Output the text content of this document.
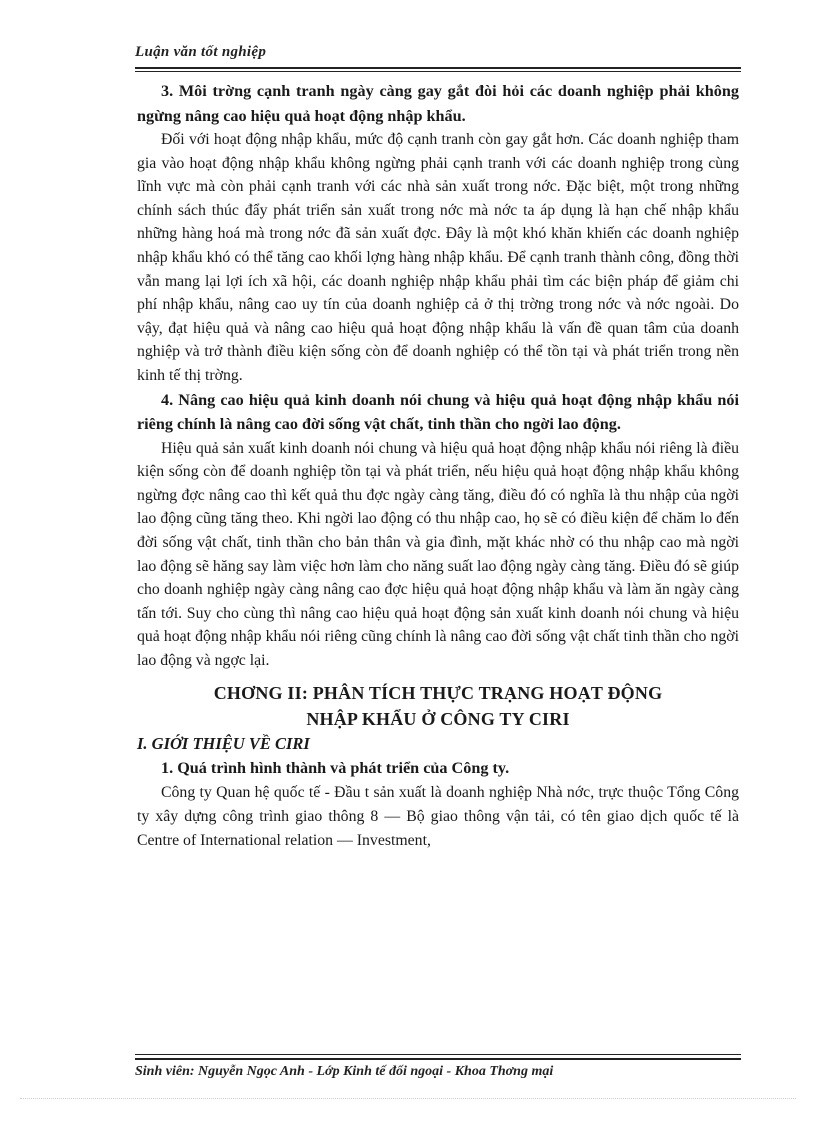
Luận văn tốt nghiệp

3. Môi trờng cạnh tranh ngày càng gay gắt đòi hỏi các doanh nghiệp phải không ngừng nâng cao hiệu quả hoạt động nhập khẩu.

Đối với hoạt động nhập khẩu, mức độ cạnh tranh còn gay gắt hơn. Các doanh nghiệp tham gia vào hoạt động nhập khẩu không ngừng phải cạnh tranh với các doanh nghiệp trong cùng lĩnh vực mà còn phải cạnh tranh với các nhà sản xuất trong nớc. Đặc biệt, một trong những chính sách thúc đẩy phát triển sản xuất trong nớc mà nớc ta áp dụng là hạn chế nhập khẩu những hàng hoá mà trong nớc đã sản xuất đợc. Đây là một khó khăn khiến các doanh nghiệp nhập khẩu khó có thể tăng cao khối lợng hàng nhập khẩu. Để cạnh tranh thành công, đồng thời vẫn mang lại lợi ích xã hội, các doanh nghiệp nhập khẩu phải tìm các biện pháp để giảm chi phí nhập khẩu, nâng cao uy tín của doanh nghiệp cả ở thị trờng trong nớc và nớc ngoài. Do vậy, đạt hiệu quả và nâng cao hiệu quả hoạt động nhập khẩu là vấn đề quan tâm của doanh nghiệp và trở thành điều kiện sống còn để doanh nghiệp có thể tồn tại và phát triển trong nền kinh tế thị trờng.

4. Nâng cao hiệu quả kinh doanh nói chung và hiệu quả hoạt động nhập khẩu nói riêng chính là nâng cao đời sống vật chất, tinh thần cho ngời lao động.

Hiệu quả sản xuất kinh doanh nói chung và hiệu quả hoạt động nhập khẩu nói riêng là điều kiện sống còn để doanh nghiệp tồn tại và phát triển, nếu hiệu quả hoạt động nhập khẩu không ngừng đợc nâng cao thì kết quả thu đợc ngày càng tăng, điều đó có nghĩa là thu nhập của ngời lao động cũng tăng theo. Khi ngời lao động có thu nhập cao, họ sẽ có điều kiện để chăm lo đến đời sống vật chất, tinh thần cho bản thân và gia đình, mặt khác nhờ có thu nhập cao mà ngời lao động sẽ hăng say làm việc hơn làm cho năng suất lao động ngày càng tăng. Điều đó sẽ giúp cho doanh nghiệp ngày càng nâng cao đợc hiệu quả hoạt động nhập khẩu và làm ăn ngày càng tấn tới. Suy cho cùng thì nâng cao hiệu quả hoạt động sản xuất kinh doanh nói chung và hiệu quả hoạt động nhập khẩu nói riêng cũng chính là nâng cao đời sống vật chất tinh thần cho ngời lao động và ngợc lại.

CHƠNG II: PHÂN TÍCH THỰC TRẠNG HOẠT ĐỘNG
NHẬP KHẨU Ở CÔNG TY CIRI

I. GIỚI THIỆU VỀ CIRI

1. Quá trình hình thành và phát triển của Công ty.

Công ty Quan hệ quốc tế - Đầu t sản xuất là doanh nghiệp Nhà nớc, trực thuộc Tổng Công ty xây dựng công trình giao thông 8 — Bộ giao thông vận tải, có tên giao dịch quốc tế là Centre of International relation — Investment,

Sinh viên: Nguyễn Ngọc Anh - Lớp Kinh tế đối ngoại - Khoa Thơng mại
